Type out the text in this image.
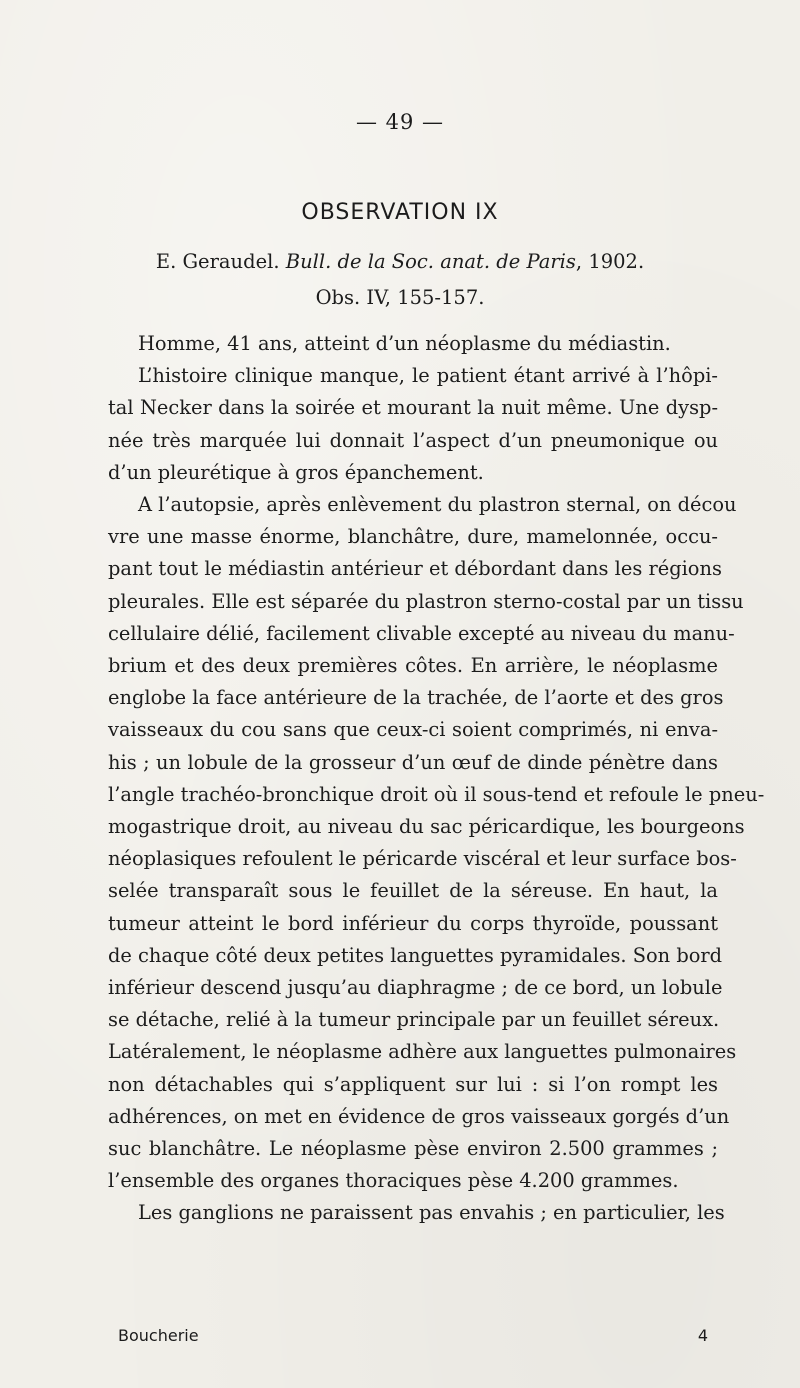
— 49 —
OBSERVATION IX
E. Geraudel. Bull. de la Soc. anat. de Paris, 1902.
Obs. IV, 155-157.
Homme, 41 ans, atteint d’un néoplasme du médiastin.
L’histoire clinique manque, le patient étant arrivé à l’hôpi-
tal Necker dans la soirée et mourant la nuit même. Une dysp-
née très marquée lui donnait l’aspect d’un pneumonique ou
d’un pleurétique à gros épanchement.
A l’autopsie, après enlèvement du plastron sternal, on décou
vre une masse énorme, blanchâtre, dure, mamelonnée, occu-
pant tout le médiastin antérieur et débordant dans les régions
pleurales. Elle est séparée du plastron sterno-costal par un tissu
cellulaire délié, facilement clivable excepté au niveau du manu-
brium et des deux premières côtes. En arrière, le néoplasme
englobe la face antérieure de la trachée, de l’aorte et des gros
vaisseaux du cou sans que ceux-ci soient comprimés, ni enva-
his ; un lobule de la grosseur d’un œuf de dinde pénètre dans
l’angle trachéo-bronchique droit où il sous-tend et refoule le pneu-
mogastrique droit, au niveau du sac péricardique, les bourgeons
néoplasiques refoulent le péricarde viscéral et leur surface bos-
selée transparaît sous le feuillet de la séreuse. En haut, la
tumeur atteint le bord inférieur du corps thyroïde, poussant
de chaque côté deux petites languettes pyramidales. Son bord
inférieur descend jusqu’au diaphragme ; de ce bord, un lobule
se détache, relié à la tumeur principale par un feuillet séreux.
Latéralement, le néoplasme adhère aux languettes pulmonaires
non détachables qui s’appliquent sur lui : si l’on rompt les
adhérences, on met en évidence de gros vaisseaux gorgés d’un
suc blanchâtre. Le néoplasme pèse environ 2.500 grammes ;
l’ensemble des organes thoraciques pèse 4.200 grammes.
Les ganglions ne paraissent pas envahis ; en particulier, les
Boucherie	4
